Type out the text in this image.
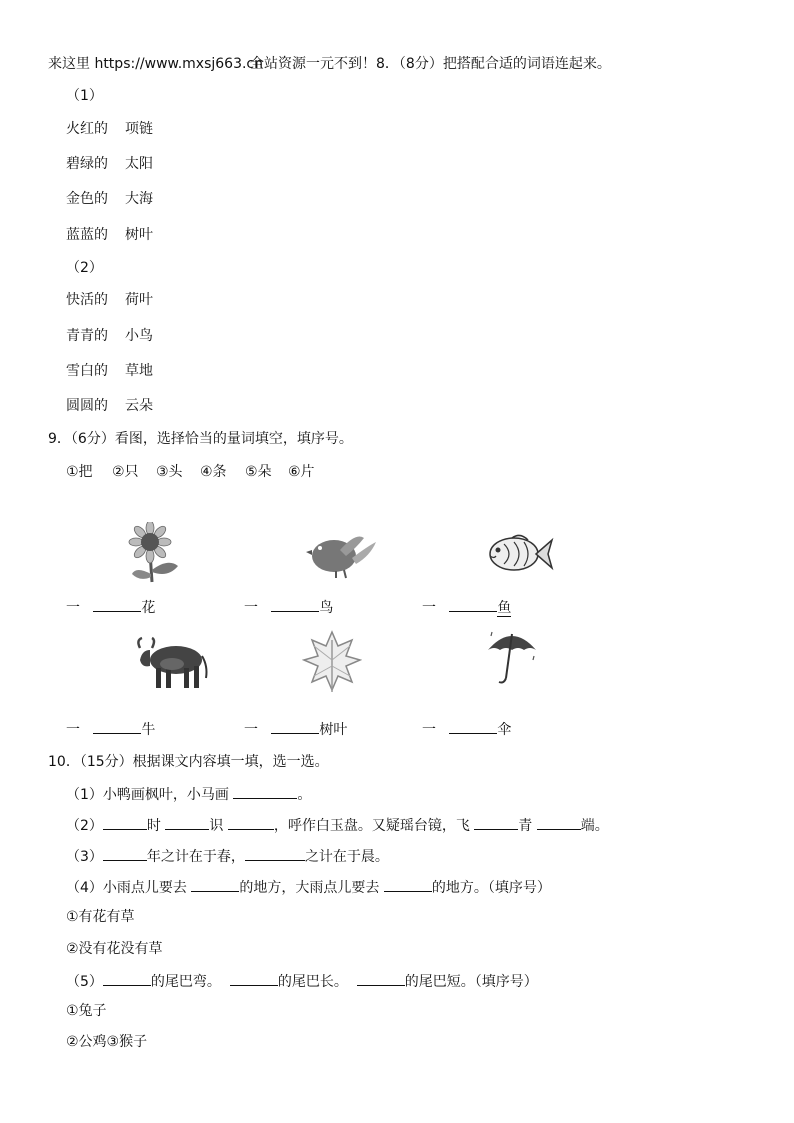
来这里 https://www.mxsj663.cn
全站资源一元不到！8．（8分）把搭配合适的词语连起来。
（1）
火红的 项链
碧绿的 太阳
金色的 大海
蓝蓝的 树叶
（2）
快活的 荷叶
青青的 小鸟
雪白的 草地
圆圆的 云朵
9．（6分）看图，选择恰当的量词填空，填序号。
①把 ②只 ③头 ④条 ⑤朵 ⑥片
一	花	一	鸟	一	鱼
一	牛	一	树叶	一	伞
10．（15分）根据课文内容填一填，选一选。
（1）小鸭画枫叶，小马画	。
（2）	时	识	，呼作白玉盘。又疑瑶台镜，飞	青	端。
（3）	年之计在于春，	之计在于晨。
（4）小雨点儿要去	的地方，大雨点儿要去	的地方。（填序号）
①有花有草
②没有花没有草
（5）	的尾巴弯。	的尾巴长。	的尾巴短。（填序号）
①兔子
②公鸡③猴子
